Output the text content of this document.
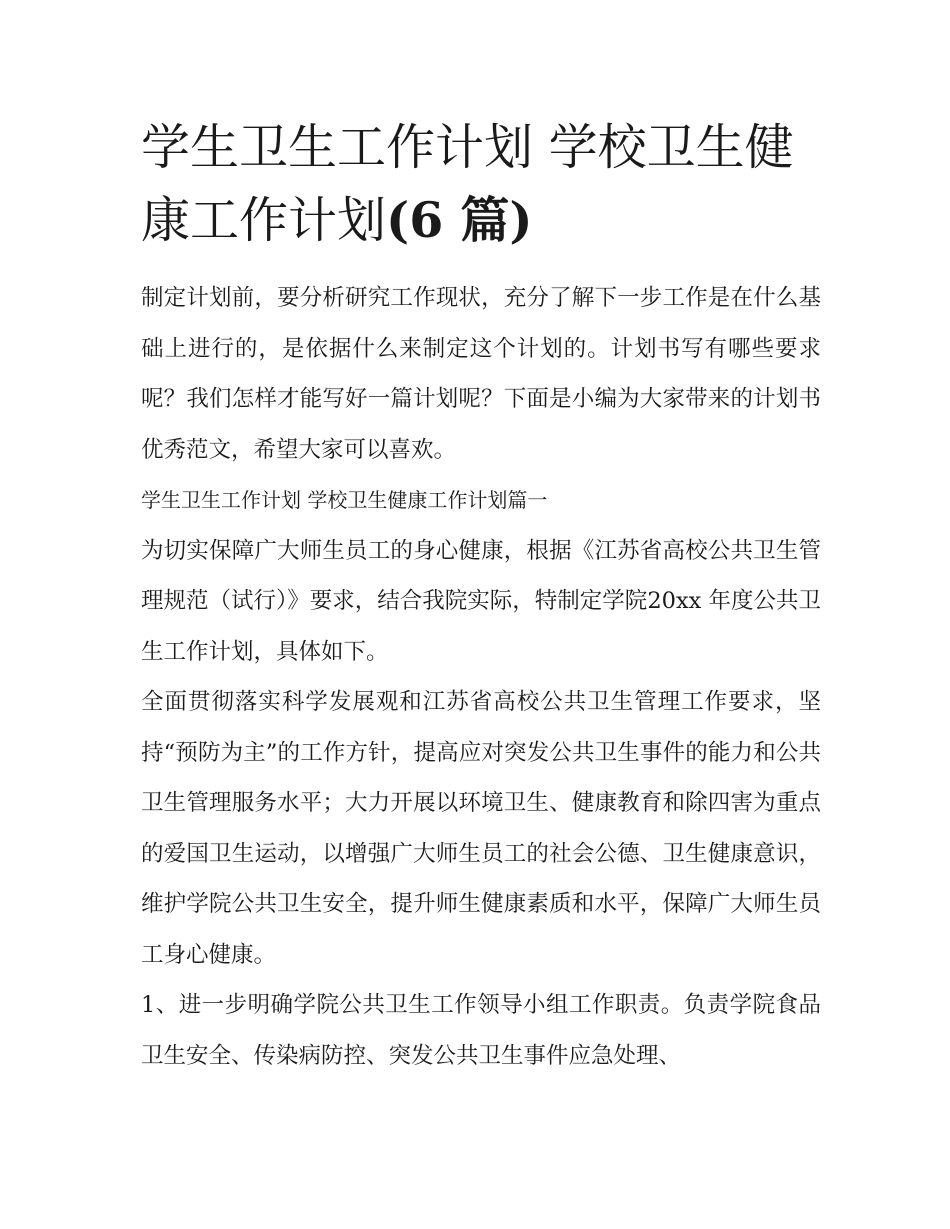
学生卫生工作计划 学校卫生健康工作计划(6 篇)

制定计划前，要分析研究工作现状，充分了解下一步工作是在什么基础上进行的，是依据什么来制定这个计划的。计划书写有哪些要求呢？我们怎样才能写好一篇计划呢？下面是小编为大家带来的计划书优秀范文，希望大家可以喜欢。

学生卫生工作计划 学校卫生健康工作计划篇一

为切实保障广大师生员工的身心健康，根据《江苏省高校公共卫生管理规范（试行）》要求，结合我院实际，特制定学院20xx 年度公共卫生工作计划，具体如下。

全面贯彻落实科学发展观和江苏省高校公共卫生管理工作要求，坚持“预防为主”的工作方针，提高应对突发公共卫生事件的能力和公共卫生管理服务水平；大力开展以环境卫生、健康教育和除四害为重点的爱国卫生运动，以增强广大师生员工的社会公德、卫生健康意识，维护学院公共卫生安全，提升师生健康素质和水平，保障广大师生员工身心健康。

1、进一步明确学院公共卫生工作领导小组工作职责。负责学院食品卫生安全、传染病防控、突发公共卫生事件应急处理、
